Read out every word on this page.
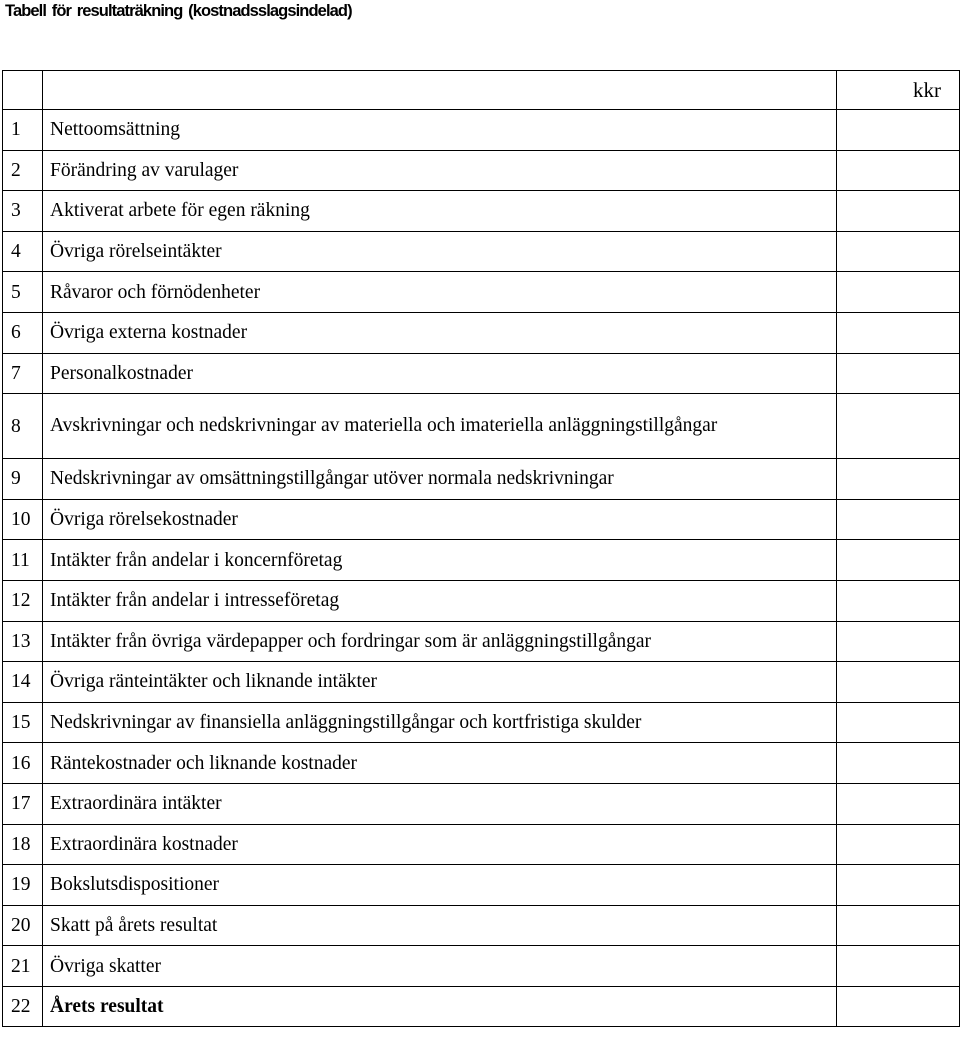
Tabell för resultaträkning (kostnadsslagsindelad)

		kkr

1	Nettoomsättning	
2	Förändring av varulager	
3	Aktiverat arbete för egen räkning	
4	Övriga rörelseintäkter	
5	Råvaror och förnödenheter	
6	Övriga externa kostnader	
7	Personalkostnader	
8	Avskrivningar och nedskrivningar av materiella och imateriella anläggningstillgångar	

9	Nedskrivningar av omsättningstillgångar utöver normala nedskrivningar	
10	Övriga rörelsekostnader	
11	Intäkter från andelar i koncernföretag	
12	Intäkter från andelar i intresseföretag	
13	Intäkter från övriga värdepapper och fordringar som är anläggningstillgångar	
14	Övriga ränteintäkter och liknande intäkter	
15	Nedskrivningar av finansiella anläggningstillgångar och kortfristiga skulder	
16	Räntekostnader och liknande kostnader	
17	Extraordinära intäkter	
18	Extraordinära kostnader	
19	Bokslutsdispositioner	
20	Skatt på årets resultat	
21	Övriga skatter	
22	Årets resultat	
